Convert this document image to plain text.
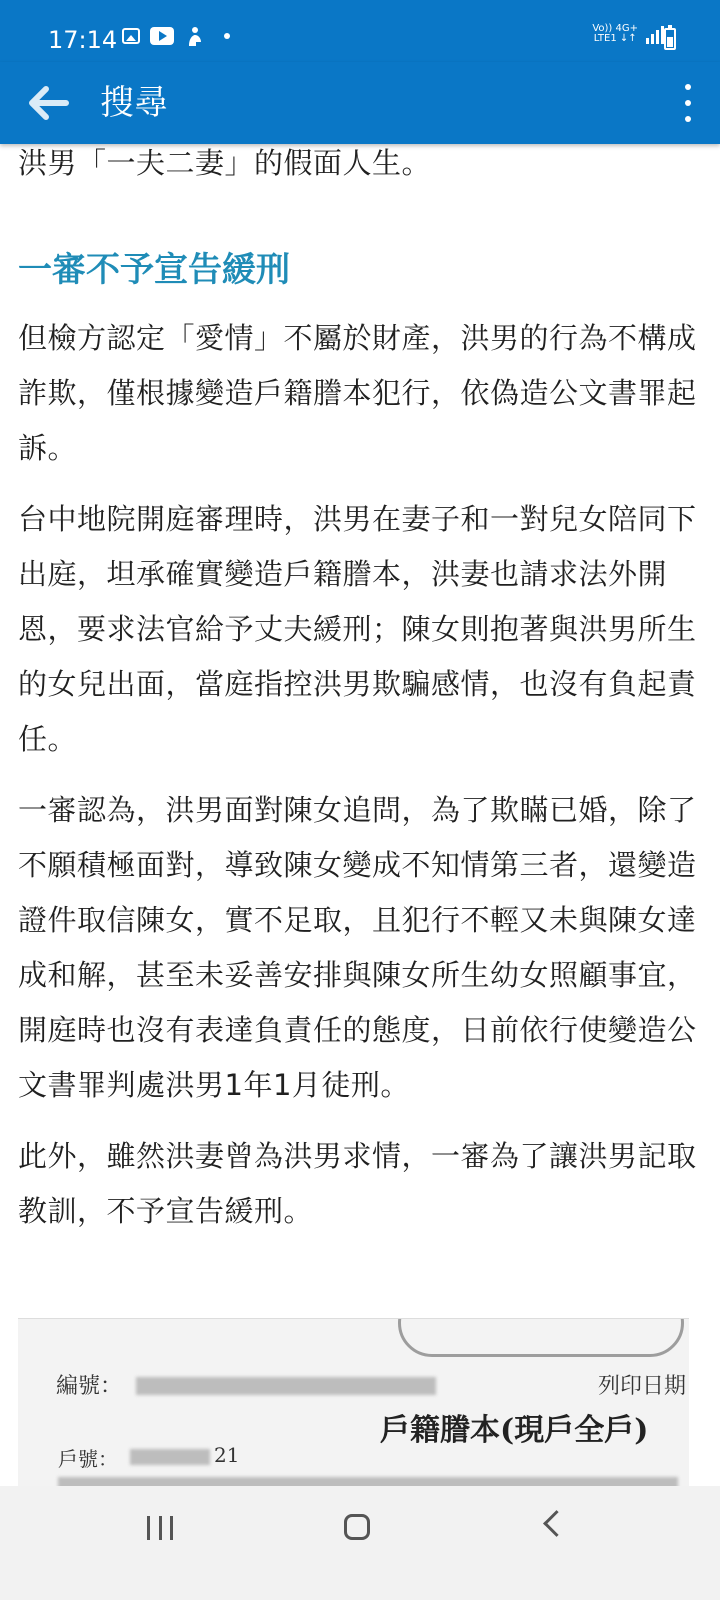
17:14	Vo)) 4G+
LTE1 ↓↑
搜尋

洪男「一夫二妻」的假面人生。

一審不予宣告緩刑

但檢方認定「愛情」不屬於財產，洪男的行為不構成詐欺，僅根據變造戶籍謄本犯行，依偽造公文書罪起訴。

台中地院開庭審理時，洪男在妻子和一對兒女陪同下出庭，坦承確實變造戶籍謄本，洪妻也請求法外開恩，要求法官給予丈夫緩刑；陳女則抱著與洪男所生的女兒出面，當庭指控洪男欺騙感情，也沒有負起責任。

一審認為，洪男面對陳女追問，為了欺瞞已婚，除了不願積極面對，導致陳女變成不知情第三者，還變造證件取信陳女，實不足取，且犯行不輕又未與陳女達成和解，甚至未妥善安排與陳女所生幼女照顧事宜，開庭時也沒有表達負責任的態度，日前依行使變造公文書罪判處洪男1年1月徒刑。

此外，雖然洪妻曾為洪男求情，一審為了讓洪男記取教訓，不予宣告緩刑。

編號：	列印日期
戶籍謄本(現戶全戶)
戶號：	21
